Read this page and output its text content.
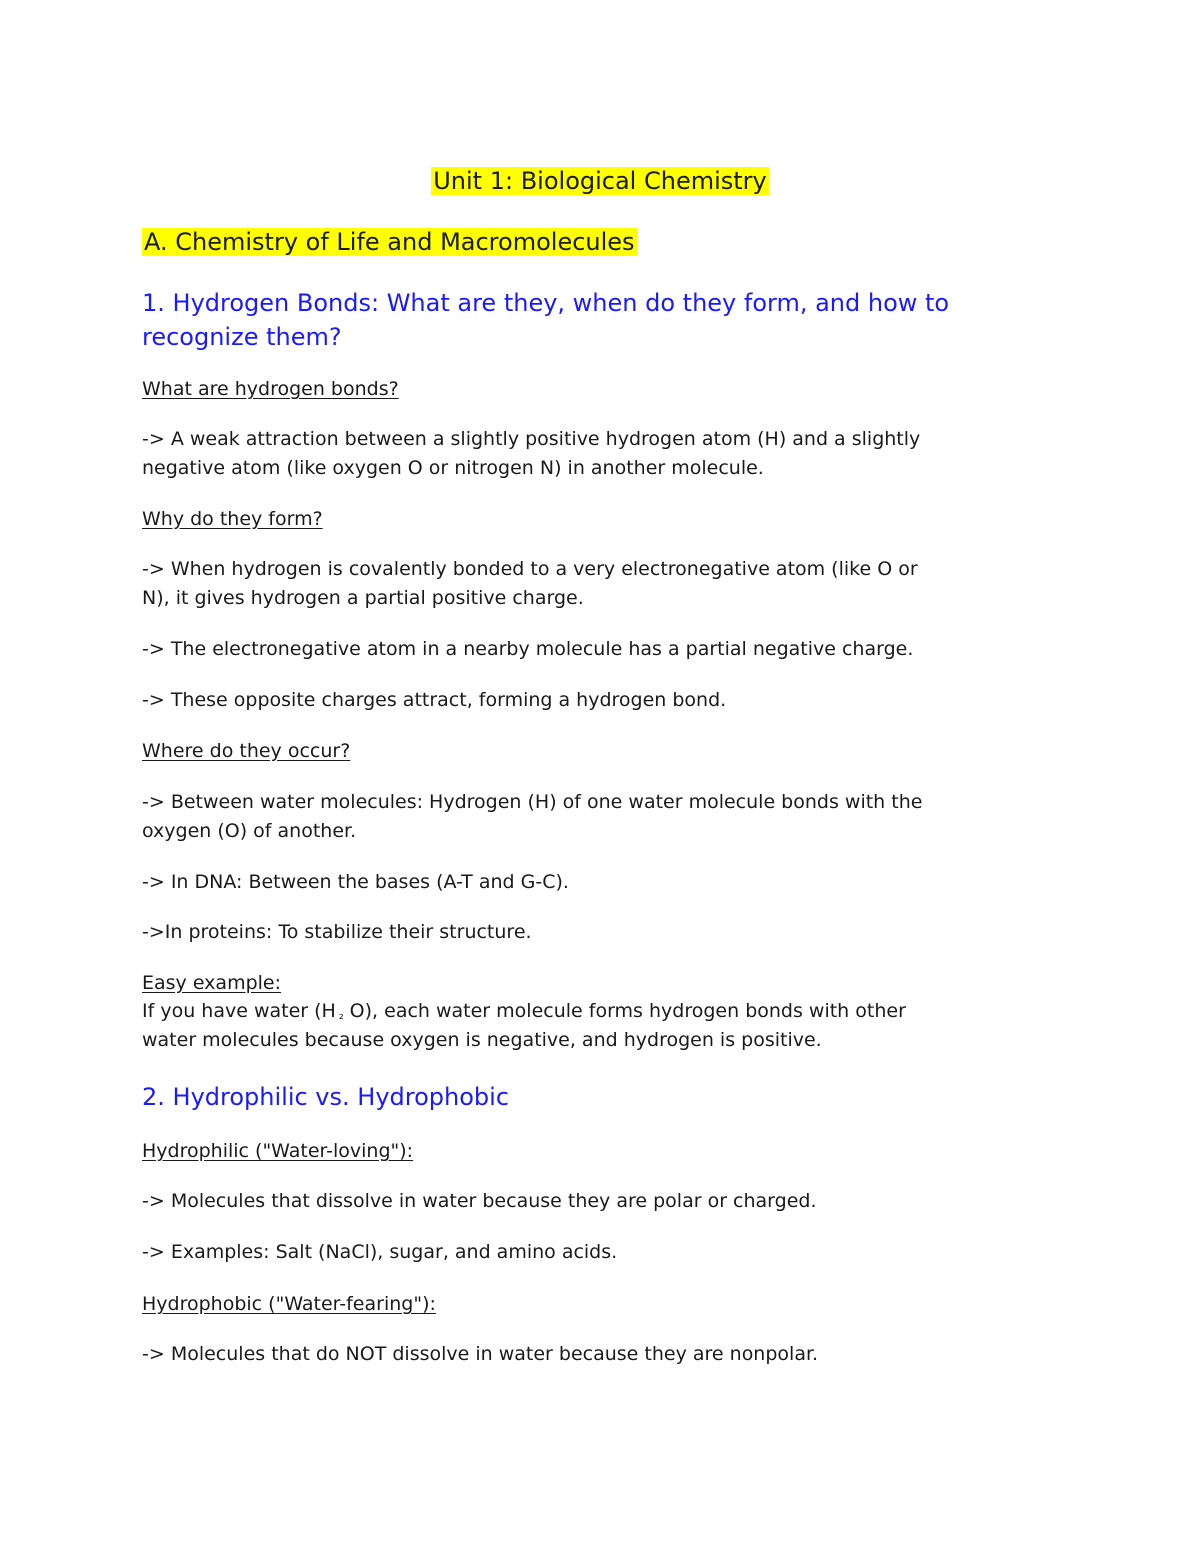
Unit 1: Biological Chemistry
A. Chemistry of Life and Macromolecules
1. Hydrogen Bonds: What are they, when do they form, and how to
recognize them?
What are hydrogen bonds?
-> A weak attraction between a slightly positive hydrogen atom (H) and a slightly
negative atom (like oxygen O or nitrogen N) in another molecule.
Why do they form?
-> When hydrogen is covalently bonded to a very electronegative atom (like O or
N), it gives hydrogen a partial positive charge.
-> The electronegative atom in a nearby molecule has a partial negative charge.
-> These opposite charges attract, forming a hydrogen bond.
Where do they occur?
-> Between water molecules: Hydrogen (H) of one water molecule bonds with the
oxygen (O) of another.
-> In DNA: Between the bases (A-T and G-C).
->In proteins: To stabilize their structure.
Easy example:
If you have water (H ₂ O), each water molecule forms hydrogen bonds with other
water molecules because oxygen is negative, and hydrogen is positive.
2. Hydrophilic vs. Hydrophobic
Hydrophilic ("Water-loving"):
-> Molecules that dissolve in water because they are polar or charged.
-> Examples: Salt (NaCl), sugar, and amino acids.
Hydrophobic ("Water-fearing"):
-> Molecules that do NOT dissolve in water because they are nonpolar.
